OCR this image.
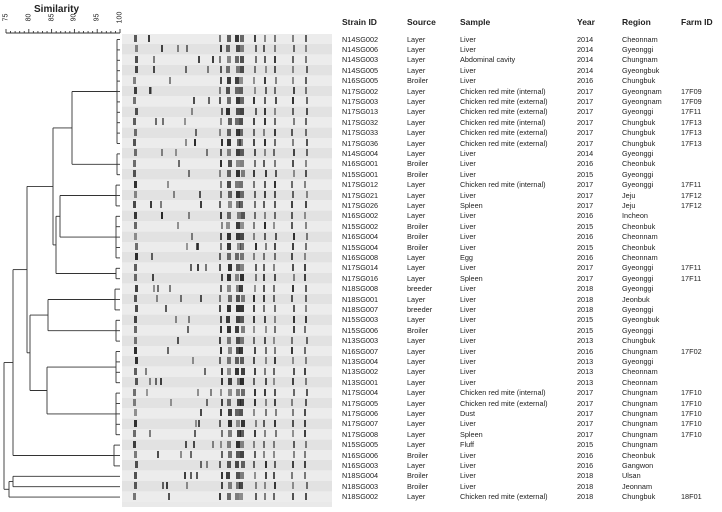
Similarity
75 80 85 90 95 100	Strain ID	Source	Sample	Year	Region	Farm ID
N14SG002	Layer	Liver	2014	Cheonnam
N14SG006	Layer	Liver	2014	Gyeonggi
N14SG003	Layer	Abdominal cavity	2014	Chungnam
N14SG005	Layer	Liver	2014	Gyeongbuk
N16SG005	Broiler	Liver	2016	Chungbuk
N17SG002	Layer	Chicken red mite (internal)	2017	Gyeongnam	17F09
N17SG003	Layer	Chicken red mite (external)	2017	Gyeongnam	17F09
N17SG013	Layer	Chicken red mite (external)	2017	Gyeonggi	17F11
N17SG032	Layer	Chicken red mite (internal)	2017	Chungbuk	17F13
N17SG033	Layer	Chicken red mite (external)	2017	Chungbuk	17F13
N17SG036	Layer	Chicken red mite (external)	2017	Chungbuk	17F13
N14SG004	Layer	Liver	2014	Gyeonggi
N16SG001	Broiler	Liver	2016	Cheonbuk
N15SG001	Broiler	Liver	2015	Gyeonggi
N17SG012	Layer	Chicken red mite (internal)	2017	Gyeonggi	17F11
N17SG021	Layer	Liver	2017	Jeju	17F12
N17SG026	Layer	Spleen	2017	Jeju	17F12
N16SG002	Layer	Liver	2016	Incheon
N15SG002	Broiler	Liver	2015	Cheonbuk
N16SG004	Broiler	Liver	2016	Cheonnam
N15SG004	Broiler	Liver	2015	Cheonbuk
N16SG008	Layer	Egg	2016	Cheonnam
N17SG014	Layer	Liver	2017	Gyeonggi	17F11
N17SG016	Layer	Spleen	2017	Gyeonggi	17F11
N18SG008	breeder	Liver	2018	Gyeonggi
N18SG001	Layer	Liver	2018	Jeonbuk
N18SG007	breeder	Liver	2018	Gyeonggi
N15SG003	Layer	Liver	2015	Gyeongbuk
N15SG006	Broiler	Liver	2015	Gyeonggi
N13SG003	Layer	Liver	2013	Chungbuk
N16SG007	Layer	Liver	2016	Chungnam	17F02
N13SG004	Layer	Liver	2013	Gyeonggi
N13SG002	Layer	Liver	2013	Cheonnam
N13SG001	Layer	Liver	2013	Cheonnam
N17SG004	Layer	Chicken red mite (internal)	2017	Chungnam	17F10
N17SG005	Layer	Chicken red mite (external)	2017	Chungnam	17F10
N17SG006	Layer	Dust	2017	Chungnam	17F10
N17SG007	Layer	Liver	2017	Chungnam	17F10
N17SG008	Layer	Spleen	2017	Chungnam	17F10
N15SG005	Layer	Fluff	2015	Chungnam
N16SG006	Broiler	Liver	2016	Cheonbuk
N16SG003	Layer	Liver	2016	Gangwon
N18SG004	Broiler	Liver	2018	Ulsan
N18SG003	Broiler	Liver	2018	Jeonnam
N18SG002	Layer	Chicken red mite (external)	2018	Chungbuk	18F01
